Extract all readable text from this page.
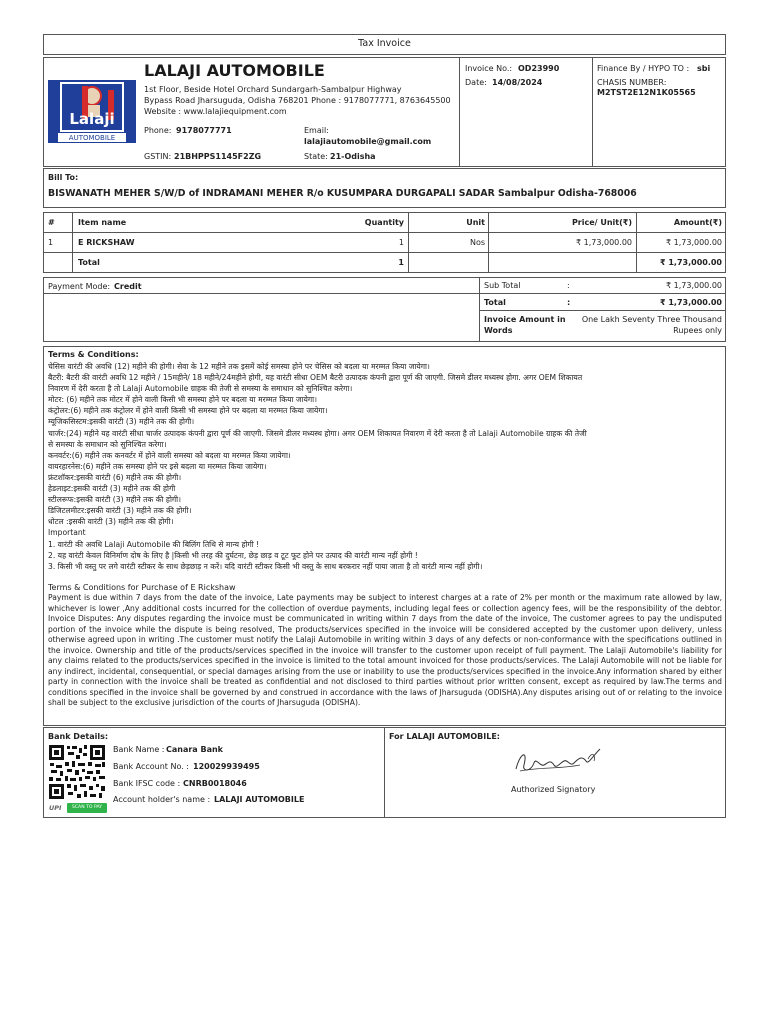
Tax Invoice
Lalaji
AUTOMOBILE
LALAJI AUTOMOBILE
1st Floor, Beside Hotel Orchard Sundargarh-Sambalpur Highway
Bypass Road Jharsuguda, Odisha 768201 Phone : 9178077771, 8763645500
Website : www.lalajiequipment.com
Phone: 9178077771	Email:
lalajiautomobile@gmail.com
GSTIN: 21BHPPS1145F2ZG	State: 21-Odisha
Invoice No.: OD23990
Date: 14/08/2024
Finance By / HYPO TO : sbi
CHASIS NUMBER:
M2TST2E12N1K05565
Bill To:
BISWANATH MEHER S/W/D of INDRAMANI MEHER R/o KUSUMPARA DURGAPALI SADAR Sambalpur Odisha-768006
#	Item name	Quantity	Unit	Price/ Unit(₹)	Amount(₹)
1	E RICKSHAW	1	Nos	₹ 1,73,000.00	₹ 1,73,000.00
Total	1	₹ 1,73,000.00
Payment Mode: Credit	Sub Total	:	₹ 1,73,000.00
Total	:	₹ 1,73,000.00
Invoice Amount in
Words
One Lakh Seventy Three Thousand
Rupees only
Terms & Conditions:
चेसिस वारंटी की अवधि (12) महीने की होगी। सेवा के 12 महीने तक इसमें कोई समस्या होने पर चेसिस को बदला या मरम्मत किया जायेगा।
बैटरी: बैटरी की वारंटी अवधि 12 महीने / 15महीने/ 18 महीने/24महीने होगी, यह वारंटी सीधा OEM बैटरी उत्पादक कंपनी द्वारा पूर्ण की जाएगी. जिसमे डीलर मध्यस्थ होगा. अगर OEM शिकायत
निवारण में देरी करता है तो Lalaji Automobile ग्राहक की तेजी से समस्या के समाधान को सुनिश्चित करेगा।
मोटर: (6) महीने तक मोटर में होने वाली किसी भी समस्या होने पर बदला या मरम्मत किया जायेगा।
कंट्रोलर:(6) महीने तक कंट्रोलर में होने वाली किसी भी समस्या होने पर बदला या मरम्मत किया जायेगा।
म्यूजिकसिस्टम:इसकी वारंटी (3) महीने तक की होगी।
चार्जर:(24) महीने यह वारंटी सीधा चार्जर उत्पादक कंपनी द्वारा पूर्ण की जाएगी. जिसमे डीलर मध्यस्थ होगा। अगर OEM शिकायत निवारण में देरी करता है तो Lalaji Automobile ग्राहक की तेजी
से समस्या के समाधान को सुनिश्चित करेगा।
कनवर्टर:(6) महीने तक कनवर्टर में होने वाली समस्या को बदला या मरम्मत किया जायेगा।
वायरहारनेस:(6) महीने तक समस्या होने पर इसे बदला या मरम्मत किया जायेगा।
फ्रंटशॉकर:इसकी वारंटी (6) महीने तक की होगी।
हेडलाइट:इसकी वारंटी (3) महीने तक की होगी
स्टीलरूफ:इसकी वारंटी (3) महीने तक की होगी।
डिजिटलमीटर:इसकी वारंटी (3) महीने तक की होगी।
धोटल :इसकी वारंटी (3) महीने तक की होगी।
Important
1. वारंटी की अवधि Lalaji Automobile की बिलिंग तिथि से मान्य होगी !
2. यह वारंटी केवल विनिर्माण दोष के लिए है |किसी भी तरह की दुर्घटना, छेड़ छाड़ व टूट फूट होने पर उत्पाद की वारंटी मान्य नहीं होगी !
3. किसी भी वस्तु पर लगे वारंटी स्टीकर के साथ छेड़छाड़ न करें। यदि वारंटी स्टीकर किसी भी वस्तु के साथ बरकरार नहीं पाया जाता है तो वारंटी मान्य नहीं होगी।
Terms & Conditions for Purchase of E Rickshaw
Payment is due within 7 days from the date of the invoice, Late payments may be subject to interest charges at a rate of 2% per month or the maximum rate allowed by law, whichever is lower ,Any additional costs incurred for the collection of overdue payments, including legal fees or collection agency fees, will be the responsibility of the debtor. Invoice Disputes: Any disputes regarding the invoice must be communicated in writing within 7 days from the date of the invoice, The customer agrees to pay the undisputed portion of the invoice while the dispute is being resolved, The products/services specified in the invoice will be considered accepted by the customer upon delivery, unless otherwise agreed upon in writing .The customer must notify the Lalaji Automobile in writing within 3 days of any defects or non-conformance with the specifications outlined in the invoice. Ownership and title of the products/services specified in the invoice will transfer to the customer upon receipt of full payment. The Lalaji Automobile's liability for any claims related to the products/services specified in the invoice is limited to the total amount invoiced for those products/services. The Lalaji Automobile will not be liable for any indirect, incidental, consequential, or special damages arising from the use or inability to use the products/services specified in the invoice.Any information shared by either party in connection with the invoice shall be treated as confidential and not disclosed to third parties without prior written consent, except as required by law.The terms and conditions specified in the invoice shall be governed by and construed in accordance with the laws of Jharsuguda (ODISHA).Any disputes arising out of or relating to the invoice shall be subject to the exclusive jurisdiction of the courts of Jharsuguda (ODISHA).
Bank Details:
UPI	SCAN TO PAY
Bank Name : Canara Bank
Bank Account No. : 120029939495
Bank IFSC code : CNRB0018046
Account holder's name : LALAJI AUTOMOBILE
For LALAJI AUTOMOBILE:
Authorized Signatory
